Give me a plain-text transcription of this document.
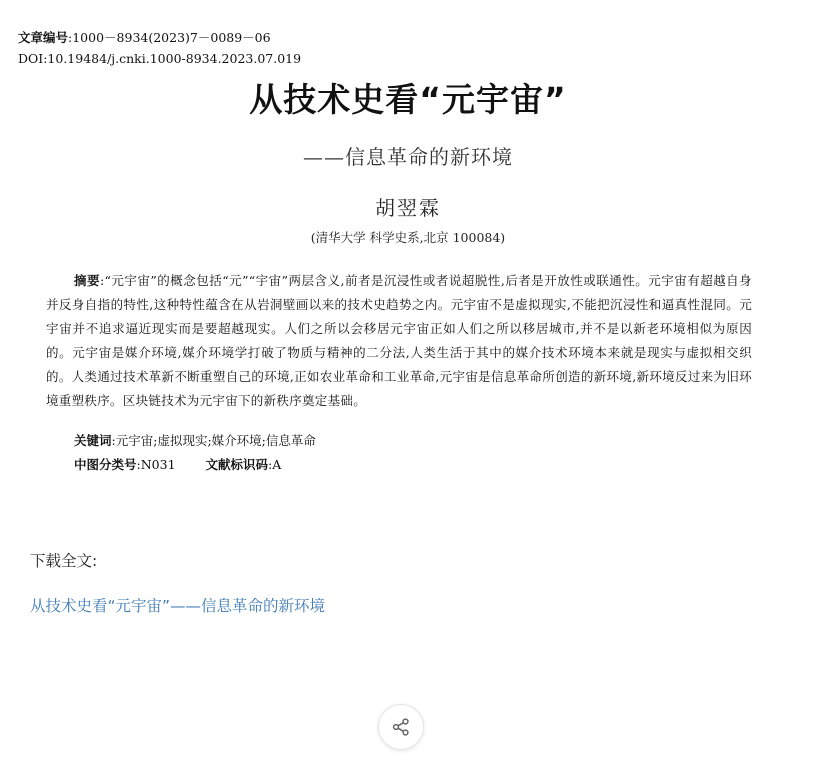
文章编号:1000－8934(2023)7－0089－06
DOI:10.19484/j.cnki.1000-8934.2023.07.019
从技术史看“元宇宙”
——信息革命的新环境
胡翌霖
(清华大学 科学史系,北京 100084)
摘要:“元宇宙”的概念包括“元”“宇宙”两层含义,前者是沉浸性或者说超脱性,后者是开放性或联通性。元宇宙有超越自身并反身自指的特性,这种特性蕴含在从岩洞壁画以来的技术史趋势之内。元宇宙不是虚拟现实,不能把沉浸性和逼真性混同。元宇宙并不追求逼近现实而是要超越现实。人们之所以会移居元宇宙正如人们之所以移居城市,并不是以新老环境相似为原因的。元宇宙是媒介环境,媒介环境学打破了物质与精神的二分法,人类生活于其中的媒介技术环境本来就是现实与虚拟相交织的。人类通过技术革新不断重塑自己的环境,正如农业革命和工业革命,元宇宙是信息革命所创造的新环境,新环境反过来为旧环境重塑秩序。区块链技术为元宇宙下的新秩序奠定基础。
关键词:元宇宙;虚拟现实;媒介环境;信息革命
中图分类号:N031 文献标识码:A
下载全文:
从技术史看“元宇宙”——信息革命的新环境
